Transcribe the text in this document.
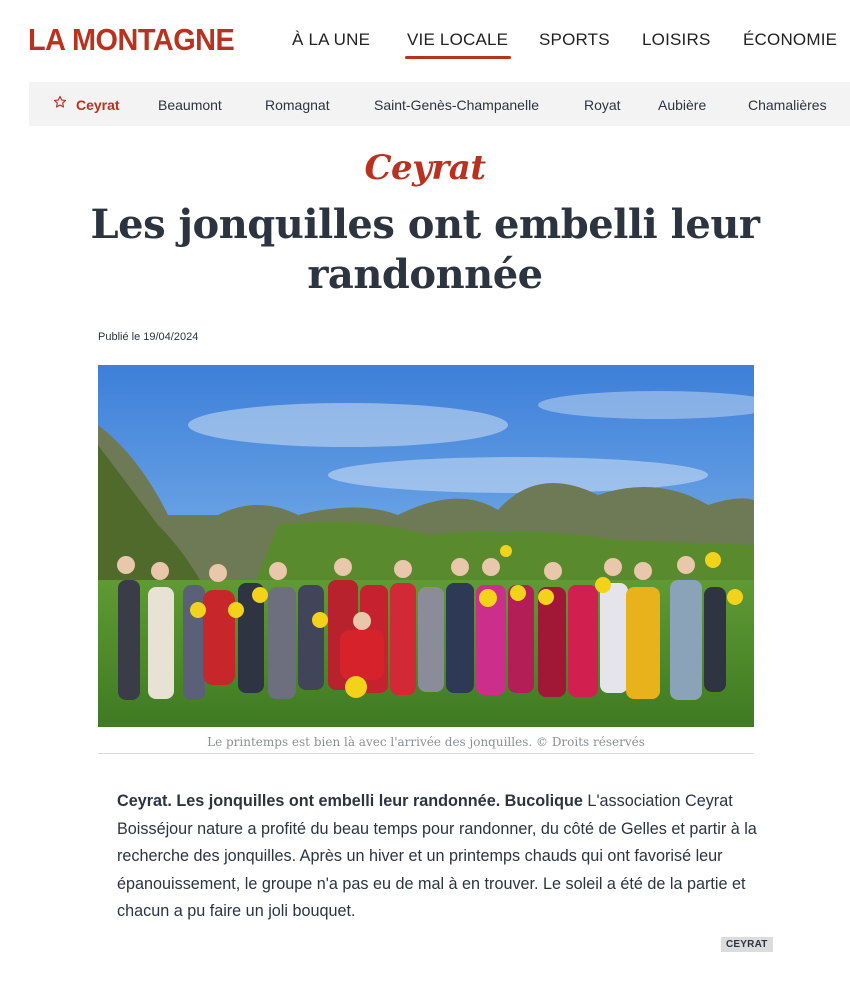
LA MONTAGNE	À LA UNE VIE LOCALE SPORTS LOISIRS ÉCONOMIE
Ceyrat	Beaumont	Romagnat	Saint-Genès-Champanelle	Royat	Aubière	Chamalières
Ceyrat
Les jonquilles ont embelli leur randonnée
Publié le 19/04/2024
Le printemps est bien là avec l'arrivée des jonquilles. © Droits réservés

Ceyrat. Les jonquilles ont embelli leur randonnée. Bucolique L'association Ceyrat Boisséjour nature a profité du beau temps pour randonner, du côté de Gelles et partir à la recherche des jonquilles. Après un hiver et un printemps chauds qui ont favorisé leur épanouissement, le groupe n'a pas eu de mal à en trouver. Le soleil a été de la partie et chacun a pu faire un joli bouquet.

CEYRAT
